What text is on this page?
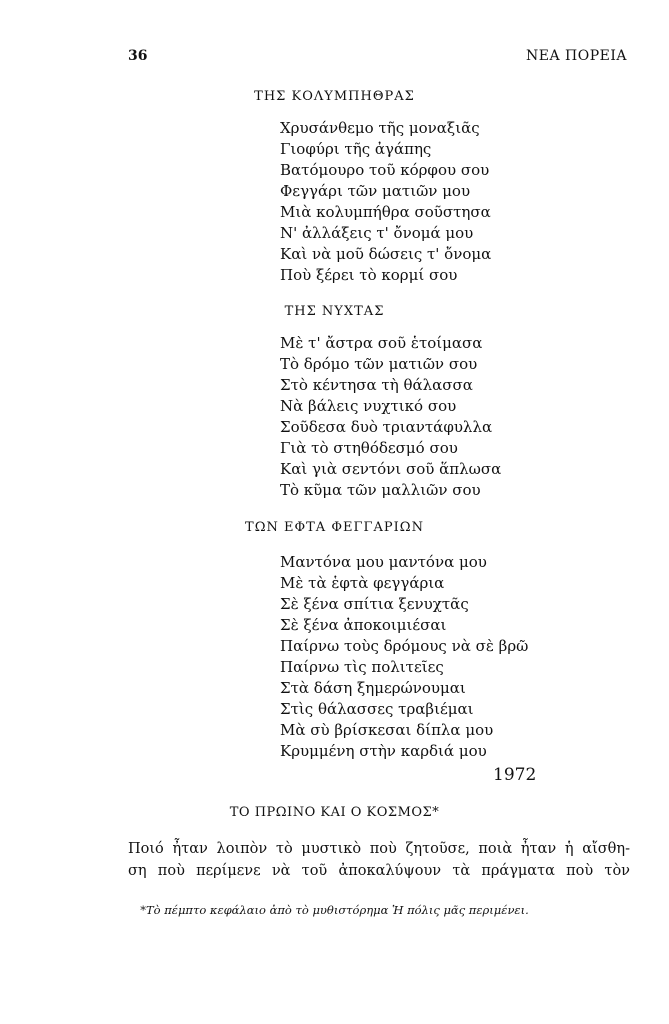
36	ΝΕΑ ΠΟΡΕΙΑ
ΤΗΣ ΚΟΛΥΜΠΗΘΡΑΣ
Χρυσάνθεμο τῆς μοναξιᾶς
Γιοφύρι τῆς ἀγάπης
Βατόμουρο τοῦ κόρφου σου
Φεγγάρι τῶν ματιῶν μου
Μιὰ κολυμπήθρα σοῦστησα
Ν' ἀλλάξεις τ' ὄνομά μου
Καὶ νὰ μοῦ δώσεις τ' ὄνομα
Ποὺ ξέρει τὸ κορμί σου
ΤΗΣ ΝΥΧΤΑΣ
Μὲ τ' ἄστρα σοῦ ἑτοίμασα
Τὸ δρόμο τῶν ματιῶν σου
Στὸ κέντησα τὴ θάλασσα
Νὰ βάλεις νυχτικό σου
Σοῦδεσα δυὸ τριαντάφυλλα
Γιὰ τὸ στηθόδεσμό σου
Καὶ γιὰ σεντόνι σοῦ ἅπλωσα
Τὸ κῦμα τῶν μαλλιῶν σου
ΤΩΝ ΕΦΤΑ ΦΕΓΓΑΡΙΩΝ
Μαντόνα μου μαντόνα μου
Μὲ τὰ ἑφτὰ φεγγάρια
Σὲ ξένα σπίτια ξενυχτᾶς
Σὲ ξένα ἀποκοιμιέσαι
Παίρνω τοὺς δρόμους νὰ σὲ βρῶ
Παίρνω τὶς πολιτεῖες
Στὰ δάση ξημερώνουμαι
Στὶς θάλασσες τραβιέμαι
Μὰ σὺ βρίσκεσαι δίπλα μου
Κρυμμένη στὴν καρδιά μου
1972
ΤΟ ΠΡΩΙΝΟ ΚΑΙ Ο ΚΟΣΜΟΣ*
Ποιό ἦταν λοιπὸν τὸ μυστικὸ ποὺ ζητοῦσε, ποιὰ ἦταν ἡ αἴσθη-
ση ποὺ περίμενε νὰ τοῦ ἀποκαλύψουν τὰ πράγματα ποὺ τὸν
*Τὸ πέμπτο κεφάλαιο ἀπὸ τὸ μυθιστόρημα Ἡ πόλις μᾶς περιμένει.
